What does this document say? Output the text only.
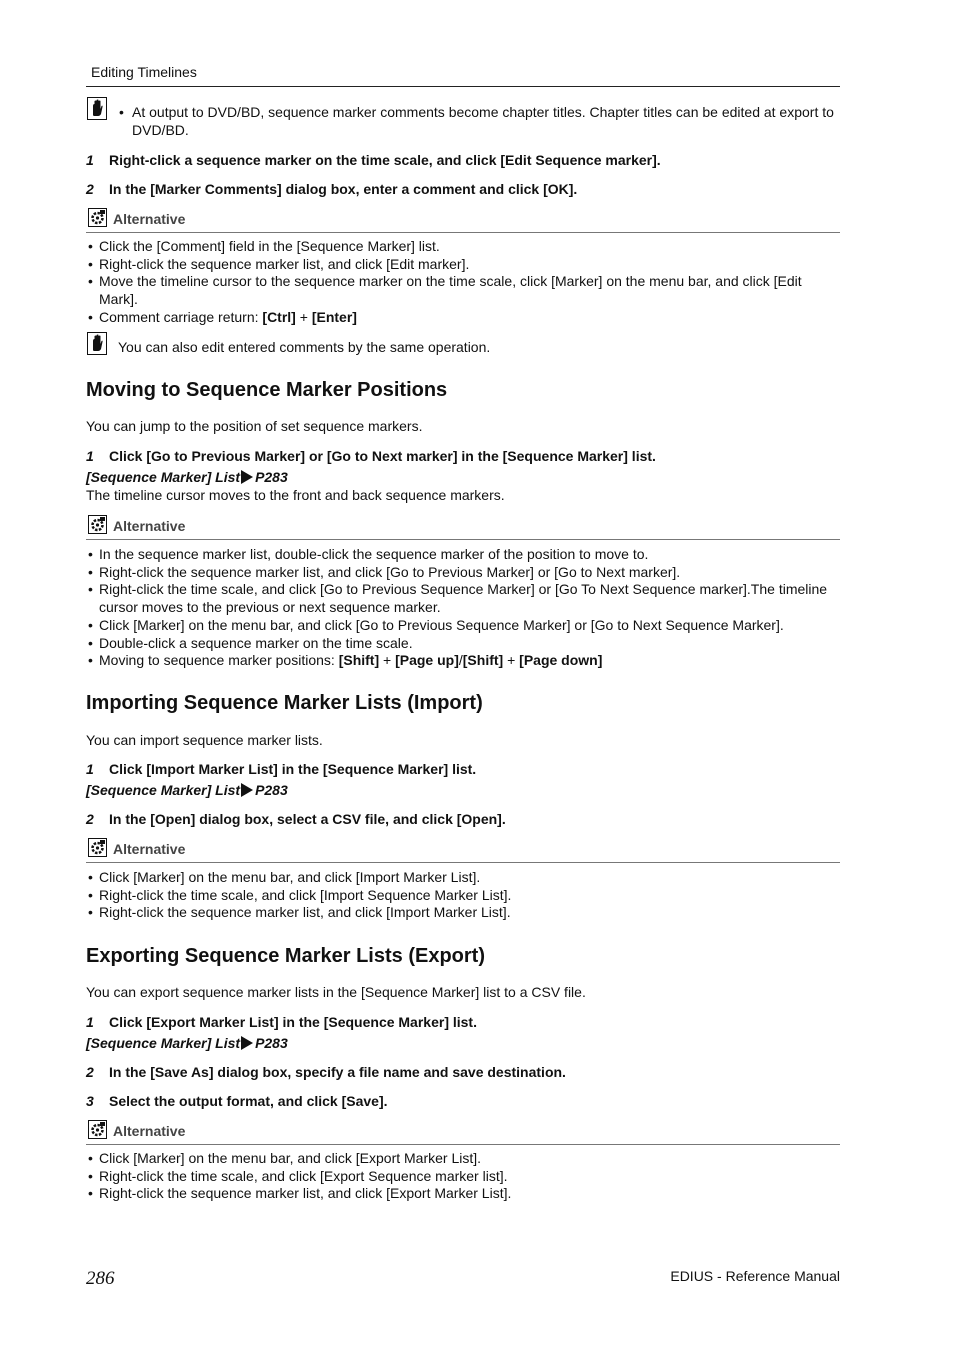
Editing Timelines
• At output to DVD/BD, sequence marker comments become chapter titles. Chapter titles can be edited at export to DVD/BD.
1 Right-click a sequence marker on the time scale, and click [Edit Sequence marker].
2 In the [Marker Comments] dialog box, enter a comment and click [OK].
Alternative
• Click the [Comment] field in the [Sequence Marker] list.
• Right-click the sequence marker list, and click [Edit marker].
• Move the timeline cursor to the sequence marker on the time scale, click [Marker] on the menu bar, and click [Edit Mark].
• Comment carriage return: [Ctrl] + [Enter]
You can also edit entered comments by the same operation.
Moving to Sequence Marker Positions
You can jump to the position of set sequence markers.
1 Click [Go to Previous Marker] or [Go to Next marker] in the [Sequence Marker] list.
[Sequence Marker] List P283
The timeline cursor moves to the front and back sequence markers.
Alternative
• In the sequence marker list, double-click the sequence marker of the position to move to.
• Right-click the sequence marker list, and click [Go to Previous Marker] or [Go to Next marker].
• Right-click the time scale, and click [Go to Previous Sequence Marker] or [Go To Next Sequence marker].The timeline cursor moves to the previous or next sequence marker.
• Click [Marker] on the menu bar, and click [Go to Previous Sequence Marker] or [Go to Next Sequence Marker].
• Double-click a sequence marker on the time scale.
• Moving to sequence marker positions: [Shift] + [Page up]/[Shift] + [Page down]
Importing Sequence Marker Lists (Import)
You can import sequence marker lists.
1 Click [Import Marker List] in the [Sequence Marker] list.
[Sequence Marker] List P283
2 In the [Open] dialog box, select a CSV file, and click [Open].
Alternative
• Click [Marker] on the menu bar, and click [Import Marker List].
• Right-click the time scale, and click [Import Sequence Marker List].
• Right-click the sequence marker list, and click [Import Marker List].
Exporting Sequence Marker Lists (Export)
You can export sequence marker lists in the [Sequence Marker] list to a CSV file.
1 Click [Export Marker List] in the [Sequence Marker] list.
[Sequence Marker] List P283
2 In the [Save As] dialog box, specify a file name and save destination.
3 Select the output format, and click [Save].
Alternative
• Click [Marker] on the menu bar, and click [Export Marker List].
• Right-click the time scale, and click [Export Sequence marker list].
• Right-click the sequence marker list, and click [Export Marker List].
286	EDIUS - Reference Manual
